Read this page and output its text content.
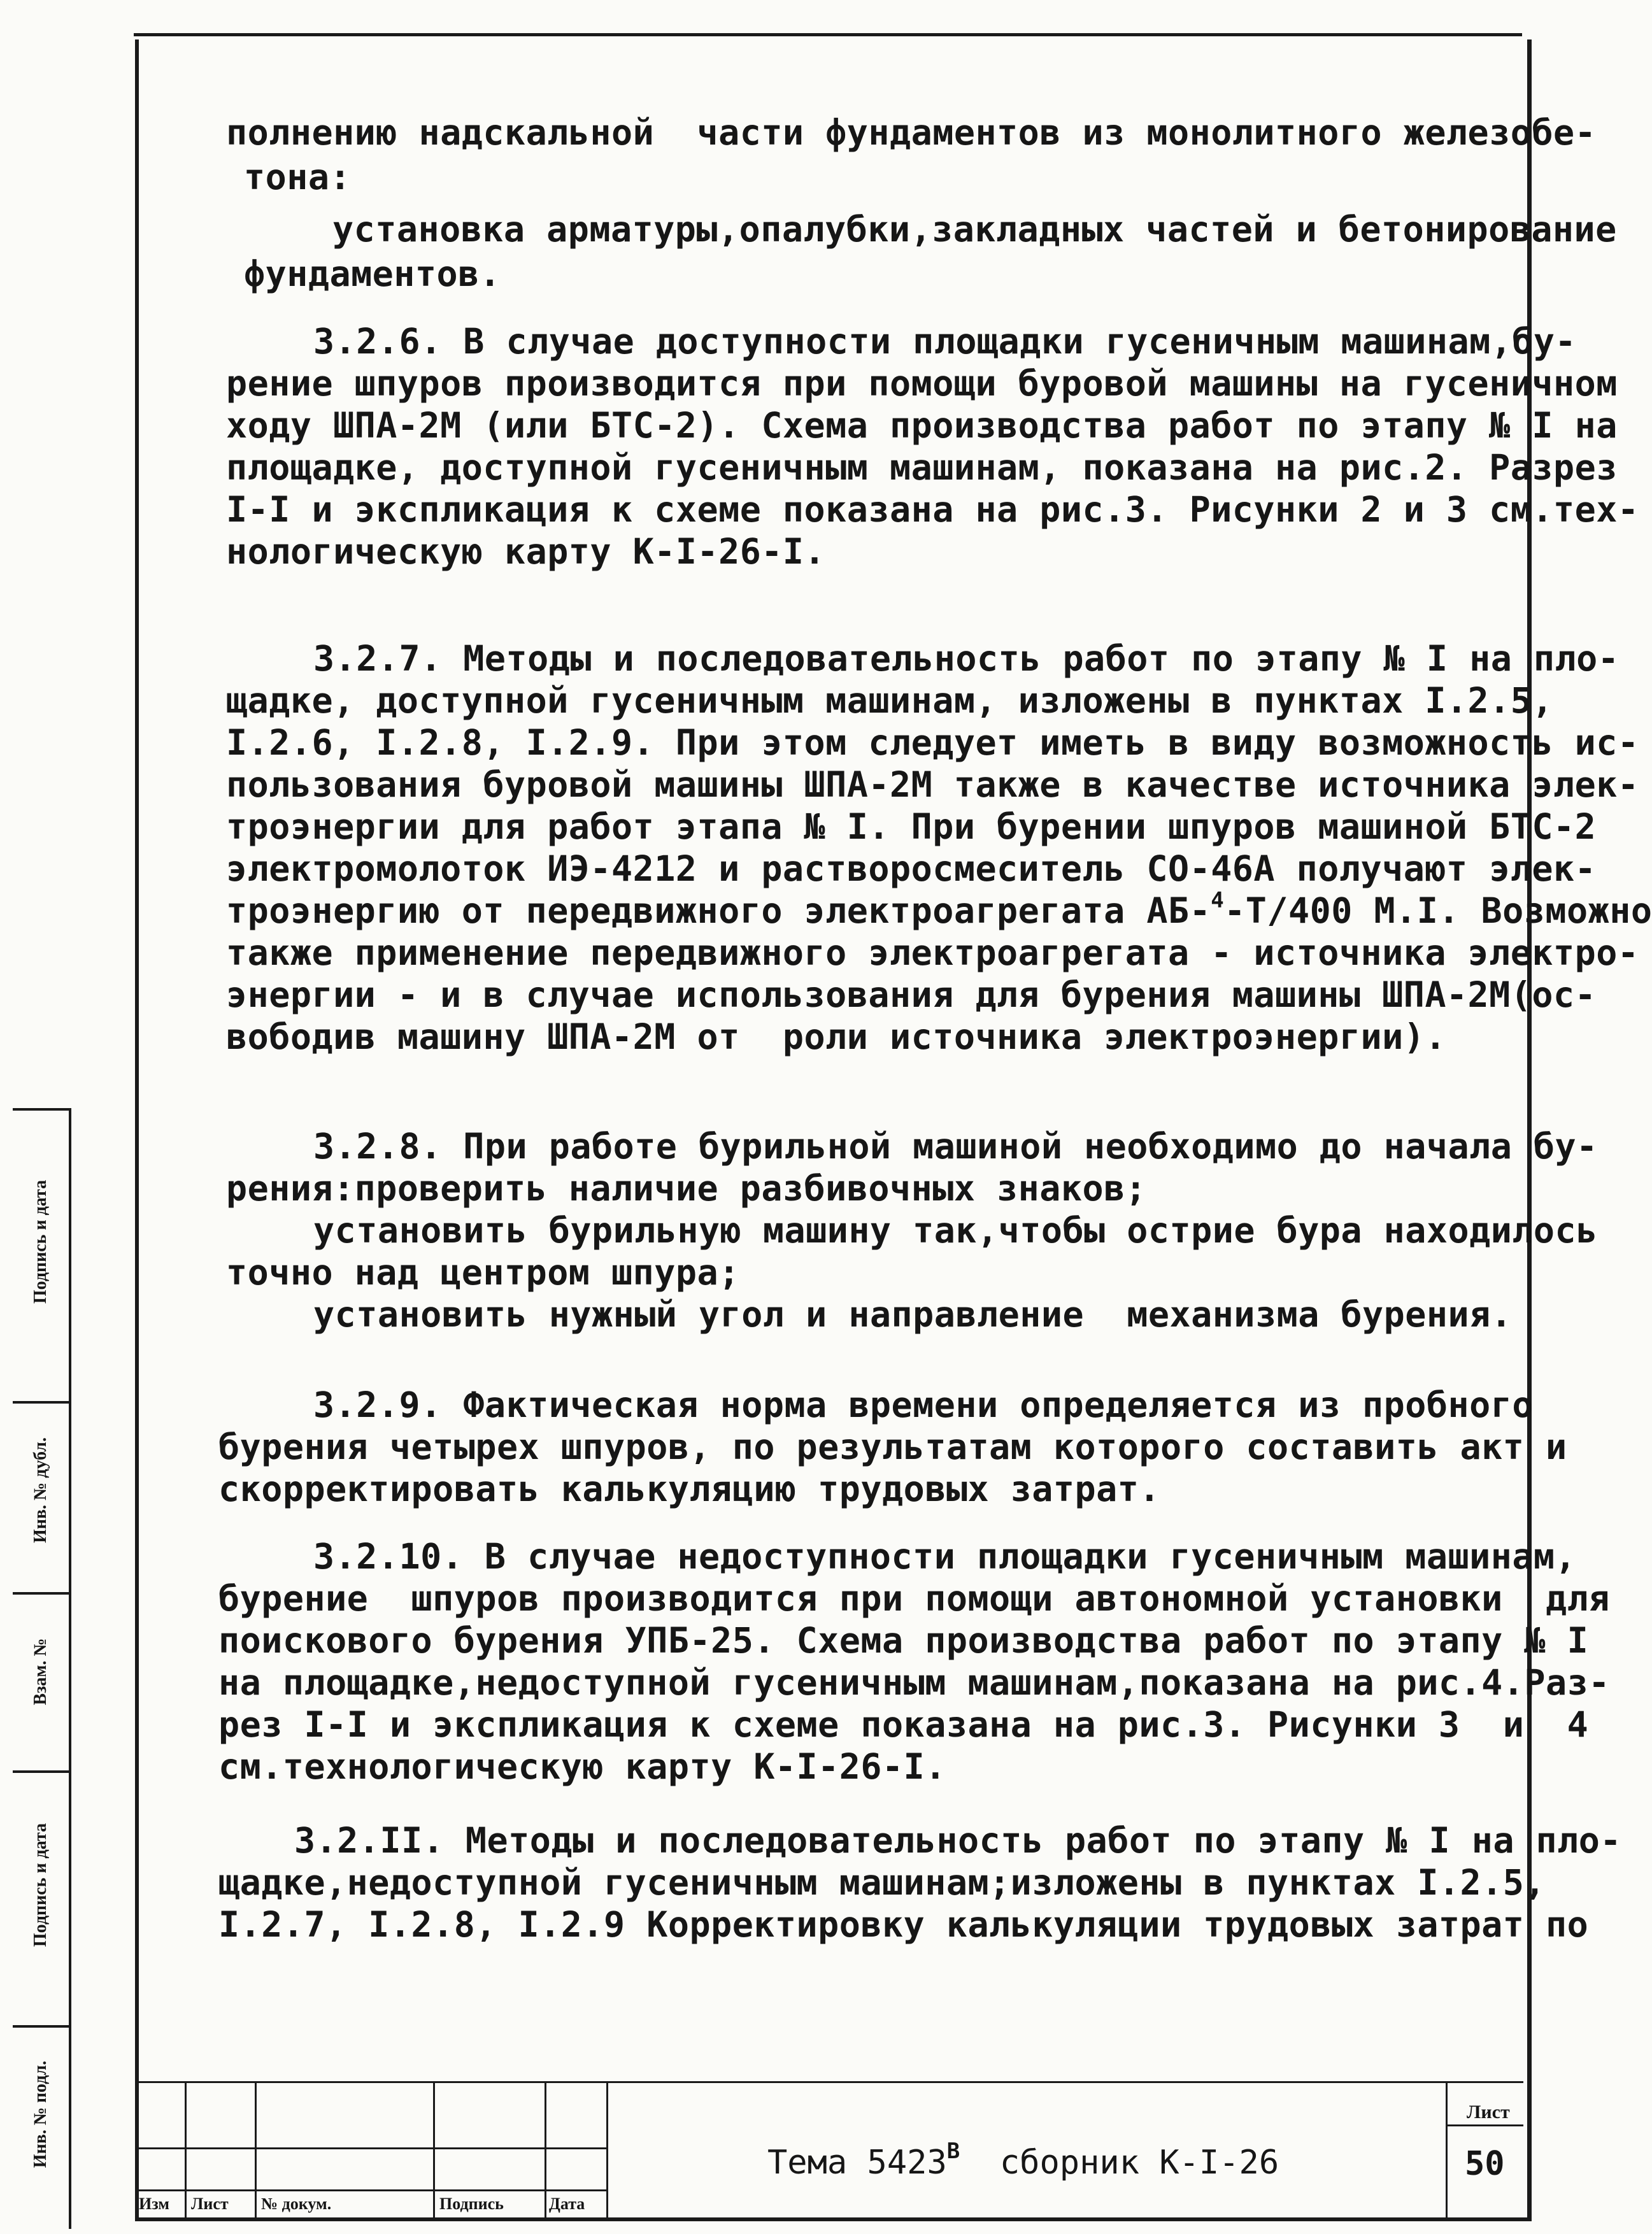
полнению надскальной  части фундаментов из монолитного железобе-
тона:
установка арматуры,опалубки,закладных частей и бетонирование
фундаментов.
3.2.6. В случае доступности площадки гусеничным машинам,бу-
рение шпуров производится при помощи буровой машины на гусеничном
ходу ШПА-2М (или БТС-2). Схема производства работ по этапу № I на
площадке, доступной гусеничным машинам, показана на рис.2. Разрез
I-I и экспликация к схеме показана на рис.3. Рисунки 2 и 3 см.тех-
нологическую карту К-I-26-I.
3.2.7. Методы и последовательность работ по этапу № I на пло-
щадке, доступной гусеничным машинам, изложены в пунктах I.2.5,
I.2.6, I.2.8, I.2.9. При этом следует иметь в виду возможность ис-
пользования буровой машины ШПА-2М также в качестве источника элек-
троэнергии для работ этапа № I. При бурении шпуров машиной БТС-2
электромолоток ИЭ-4212 и растворосмеситель СО-46А получают элек-
троэнергию от передвижного электроагрегата АБ-$^4$-Т/400 М.I. Возможно
также применение передвижного электроагрегата - источника электро-
энергии - и в случае использования для бурения машины ШПА-2М(ос-
вободив машину ШПА-2М от  роли источника электроэнергии).
3.2.8. При работе бурильной машиной необходимо до начала бу-
рения:проверить наличие разбивочных знаков;
установить бурильную машину так,чтобы острие бура находилось
точно над центром шпура;
установить нужный угол и направление  механизма бурения.
3.2.9. Фактическая норма времени определяется из пробного
бурения четырех шпуров, по результатам которого составить акт и
скорректировать калькуляцию трудовых затрат.
3.2.10. В случае недоступности площадки гусеничным машинам,
бурение  шпуров производится при помощи автономной установки  для
поискового бурения УПБ-25. Схема производства работ по этапу № I
на площадке,недоступной гусеничным машинам,показана на рис.4.Раз-
рез I-I и экспликация к схеме показана на рис.3. Рисунки 3  и  4
см.технологическую карту К-I-26-I.
3.2.II. Методы и последовательность работ по этапу № I на пло-
щадке,недоступной гусеничным машинам;изложены в пунктах I.2.5,
I.2.7, I.2.8, I.2.9 Корректировку калькуляции трудовых затрат по
Подпись и дата
Инв. № дубл.
Взам. №
Подпись и дата
Инв. № подл.
Изм Лист № докум.	Подпись	Дата
Тема $5423^В$  сборник К-I-26
Лист
50
